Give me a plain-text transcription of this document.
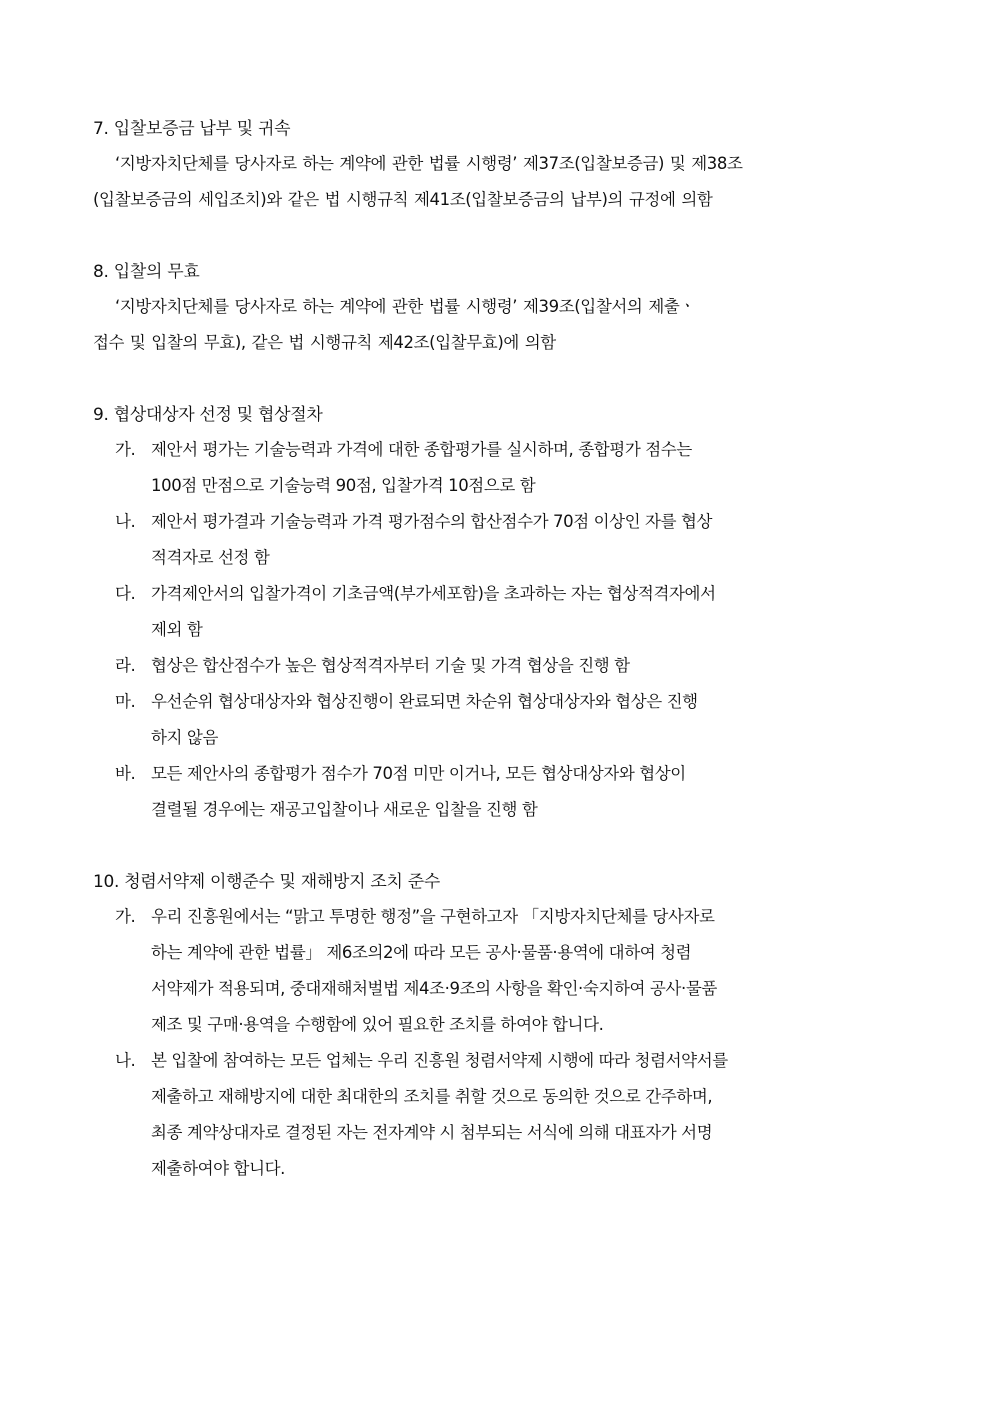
7. 입찰보증금 납부 및 귀속
‘지방자치단체를 당사자로 하는 계약에 관한 법률 시행령’ 제37조(입찰보증금) 및 제38조
(입찰보증금의 세입조치)와 같은 법 시행규칙 제41조(입찰보증금의 납부)의 규정에 의함
8. 입찰의 무효
‘지방자치단체를 당사자로 하는 계약에 관한 법률 시행령’ 제39조(입찰서의 제출ㆍ
접수 및 입찰의 무효), 같은 법 시행규칙 제42조(입찰무효)에 의함
9. 협상대상자 선정 및 협상절차
가. 제안서 평가는 기술능력과 가격에 대한 종합평가를 실시하며, 종합평가 점수는
100점 만점으로 기술능력 90점, 입찰가격 10점으로 함
나. 제안서 평가결과 기술능력과 가격 평가점수의 합산점수가 70점 이상인 자를 협상
적격자로 선정 함
다. 가격제안서의 입찰가격이 기초금액(부가세포함)을 초과하는 자는 협상적격자에서
제외 함
라. 협상은 합산점수가 높은 협상적격자부터 기술 및 가격 협상을 진행 함
마. 우선순위 협상대상자와 협상진행이 완료되면 차순위 협상대상자와 협상은 진행
하지 않음
바. 모든 제안사의 종합평가 점수가 70점 미만 이거나, 모든 협상대상자와 협상이
결렬될 경우에는 재공고입찰이나 새로운 입찰을 진행 함
10. 청렴서약제 이행준수 및 재해방지 조치 준수
가. 우리 진흥원에서는 “맑고 투명한 행정”을 구현하고자 「지방자치단체를 당사자로
하는 계약에 관한 법률」 제6조의2에 따라 모든 공사·물품·용역에 대하여 청렴
서약제가 적용되며, 중대재해처벌법 제4조·9조의 사항을 확인·숙지하여 공사·물품
제조 및 구매·용역을 수행함에 있어 필요한 조치를 하여야 합니다.
나. 본 입찰에 참여하는 모든 업체는 우리 진흥원 청렴서약제 시행에 따라 청렴서약서를
제출하고 재해방지에 대한 최대한의 조치를 취할 것으로 동의한 것으로 간주하며,
최종 계약상대자로 결정된 자는 전자계약 시 첨부되는 서식에 의해 대표자가 서명
제출하여야 합니다.
